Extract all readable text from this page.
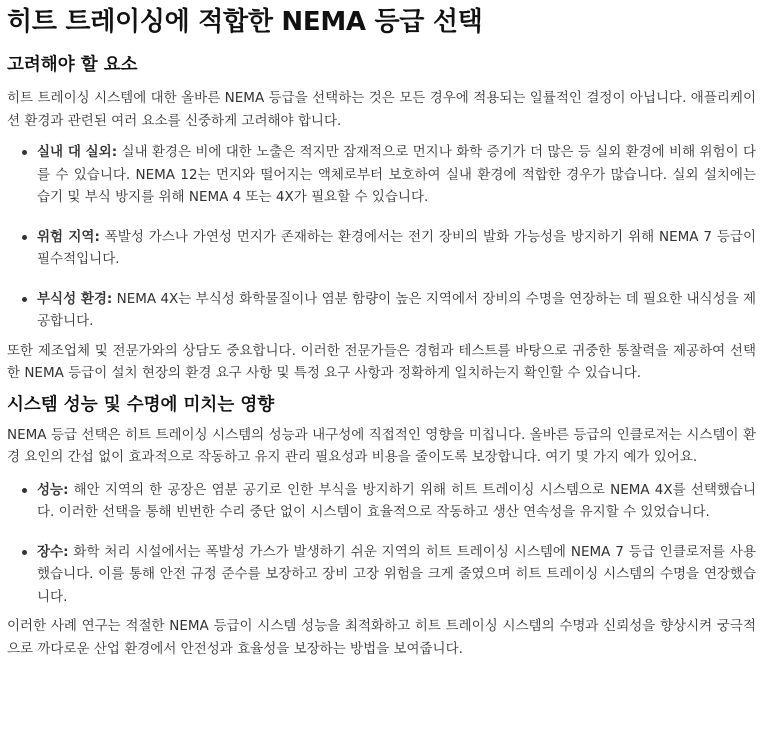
히트 트레이싱에 적합한 NEMA 등급 선택
고려해야 할 요소

히트 트레이싱 시스템에 대한 올바른 NEMA 등급을 선택하는 것은 모든 경우에 적용되는 일률적인 결정이 아닙니다. 애플리케이션 환경과 관련된 여러 요소를 신중하게 고려해야 합니다.

실내 대 실외: 실내 환경은 비에 대한 노출은 적지만 잠재적으로 먼지나 화학 증기가 더 많은 등 실외 환경에 비해 위험이 다를 수 있습니다. NEMA 12는 먼지와 떨어지는 액체로부터 보호하여 실내 환경에 적합한 경우가 많습니다. 실외 설치에는 습기 및 부식 방지를 위해 NEMA 4 또는 4X가 필요할 수 있습니다.
위험 지역: 폭발성 가스나 가연성 먼지가 존재하는 환경에서는 전기 장비의 발화 가능성을 방지하기 위해 NEMA 7 등급이 필수적입니다.
부식성 환경: NEMA 4X는 부식성 화학물질이나 염분 함량이 높은 지역에서 장비의 수명을 연장하는 데 필요한 내식성을 제공합니다.

또한 제조업체 및 전문가와의 상담도 중요합니다. 이러한 전문가들은 경험과 테스트를 바탕으로 귀중한 통찰력을 제공하여 선택한 NEMA 등급이 설치 현장의 환경 요구 사항 및 특정 요구 사항과 정확하게 일치하는지 확인할 수 있습니다.

시스템 성능 및 수명에 미치는 영향

NEMA 등급 선택은 히트 트레이싱 시스템의 성능과 내구성에 직접적인 영향을 미칩니다. 올바른 등급의 인클로저는 시스템이 환경 요인의 간섭 없이 효과적으로 작동하고 유지 관리 필요성과 비용을 줄이도록 보장합니다. 여기 몇 가지 예가 있어요.

성능: 해안 지역의 한 공장은 염분 공기로 인한 부식을 방지하기 위해 히트 트레이싱 시스템으로 NEMA 4X를 선택했습니다. 이러한 선택을 통해 빈번한 수리 중단 없이 시스템이 효율적으로 작동하고 생산 연속성을 유지할 수 있었습니다.
장수: 화학 처리 시설에서는 폭발성 가스가 발생하기 쉬운 지역의 히트 트레이싱 시스템에 NEMA 7 등급 인클로저를 사용했습니다. 이를 통해 안전 규정 준수를 보장하고 장비 고장 위험을 크게 줄였으며 히트 트레이싱 시스템의 수명을 연장했습니다.

이러한 사례 연구는 적절한 NEMA 등급이 시스템 성능을 최적화하고 히트 트레이싱 시스템의 수명과 신뢰성을 향상시켜 궁극적으로 까다로운 산업 환경에서 안전성과 효율성을 보장하는 방법을 보여줍니다.
